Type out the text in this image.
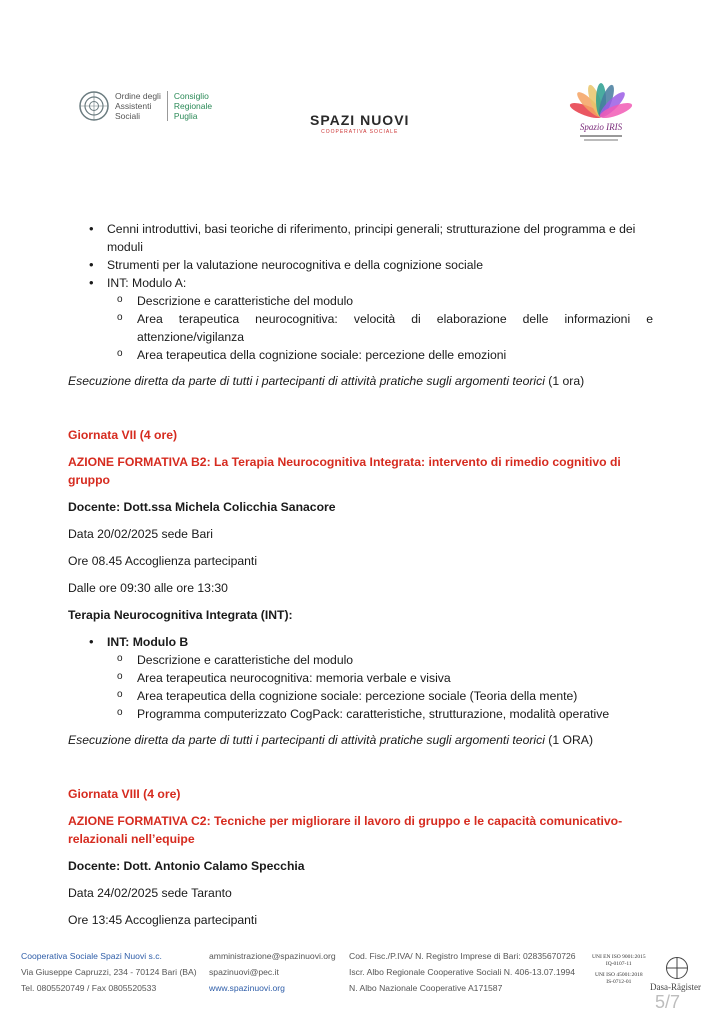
Ordine degli
Assistenti
Sociali
Consiglio
Regionale
Puglia	SPAZI NUOVI
COOPERATIVA SOCIALE	Spazio IRIS
• Cenni introduttivi, basi teoriche di riferimento, principi generali; strutturazione del programma e dei moduli
• Strumenti per la valutazione neurocognitiva e della cognizione sociale
• INT: Modulo A:
o Descrizione e caratteristiche del modulo
o Area terapeutica neurocognitiva: velocità di elaborazione delle informazioni e
attenzione/vigilanza
o Area terapeutica della cognizione sociale: percezione delle emozioni

Esecuzione diretta da parte di tutti i partecipanti di attività pratiche sugli argomenti teorici (1 ora)

Giornata VII (4 ore)

AZIONE FORMATIVA B2: La Terapia Neurocognitiva Integrata: intervento di rimedio cognitivo di gruppo

Docente: Dott.ssa Michela Colicchia Sanacore

Data 20/02/2025 sede Bari

Ore 08.45 Accoglienza partecipanti

Dalle ore 09:30 alle ore 13:30

Terapia Neurocognitiva Integrata (INT):

• INT: Modulo B
o Descrizione e caratteristiche del modulo
o Area terapeutica neurocognitiva: memoria verbale e visiva
o Area terapeutica della cognizione sociale: percezione sociale (Teoria della mente)
o Programma computerizzato CogPack: caratteristiche, strutturazione, modalità operative

Esecuzione diretta da parte di tutti i partecipanti di attività pratiche sugli argomenti teorici (1 ORA)

Giornata VIII (4 ore)

AZIONE FORMATIVA C2: Tecniche per migliorare il lavoro di gruppo e le capacità comunicativo-relazionali nell’equipe

Docente: Dott. Antonio Calamo Specchia

Data 24/02/2025 sede Taranto

Ore 13:45 Accoglienza partecipanti

Cooperativa Sociale Spazi Nuovi s.c.
Via Giuseppe Capruzzi, 234 - 70124 Bari (BA)
Tel. 0805520749 / Fax 0805520533
amministrazione@spazinuovi.org
spazinuovi@pec.it
www.spazinuovi.org
Cod. Fisc./P.IVA/ N. Registro Imprese di Bari: 02835670726
Iscr. Albo Regionale Cooperative Sociali N. 406-13.07.1994
N. Albo Nazionale Cooperative A171587
UNI EN ISO 9001:2015
IQ-0107-11
UNI ISO 45001:2018
IS-0712-01	Dasa-Rägister
5/7
